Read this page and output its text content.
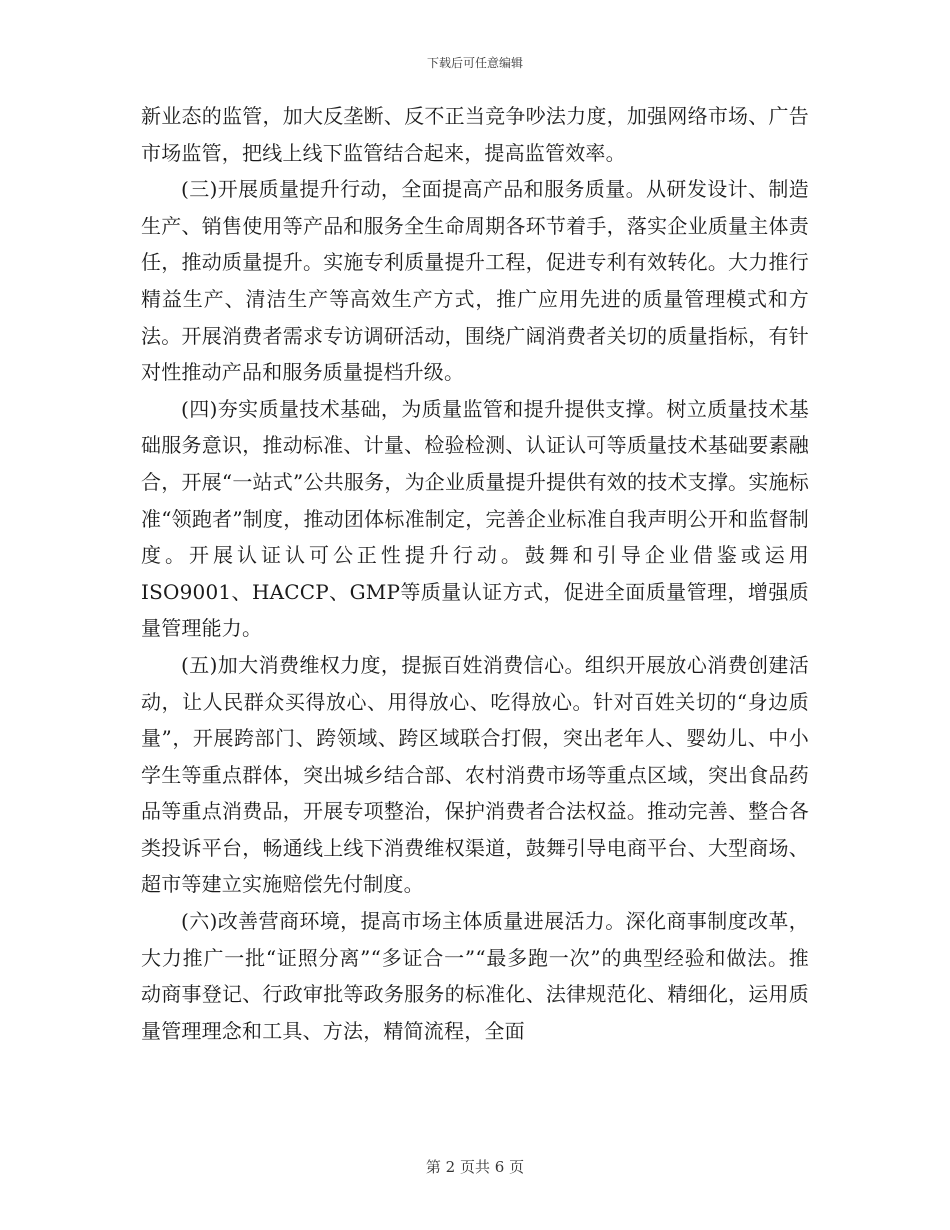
下载后可任意编辑

新业态的监管，加大反垄断、反不正当竞争吵法力度，加强网络市场、广告市场监管，把线上线下监管结合起来，提高监管效率。

(三)开展质量提升行动，全面提高产品和服务质量。从研发设计、制造生产、销售使用等产品和服务全生命周期各环节着手，落实企业质量主体责任，推动质量提升。实施专利质量提升工程，促进专利有效转化。大力推行精益生产、清洁生产等高效生产方式，推广应用先进的质量管理模式和方法。开展消费者需求专访调研活动，围绕广阔消费者关切的质量指标，有针对性推动产品和服务质量提档升级。

(四)夯实质量技术基础，为质量监管和提升提供支撑。树立质量技术基础服务意识，推动标准、计量、检验检测、认证认可等质量技术基础要素融合，开展“一站式”公共服务，为企业质量提升提供有效的技术支撑。实施标准“领跑者”制度，推动团体标准制定，完善企业标准自我声明公开和监督制度。开展认证认可公正性提升行动。鼓舞和引导企业借鉴或运用ISO9001、HACCP、GMP等质量认证方式，促进全面质量管理，增强质量管理能力。

(五)加大消费维权力度，提振百姓消费信心。组织开展放心消费创建活动，让人民群众买得放心、用得放心、吃得放心。针对百姓关切的“身边质量”，开展跨部门、跨领域、跨区域联合打假，突出老年人、婴幼儿、中小学生等重点群体，突出城乡结合部、农村消费市场等重点区域，突出食品药品等重点消费品，开展专项整治，保护消费者合法权益。推动完善、整合各类投诉平台，畅通线上线下消费维权渠道，鼓舞引导电商平台、大型商场、超市等建立实施赔偿先付制度。

(六)改善营商环境，提高市场主体质量进展活力。深化商事制度改革，大力推广一批“证照分离”“多证合一”“最多跑一次”的典型经验和做法。推动商事登记、行政审批等政务服务的标准化、法律规范化、精细化，运用质量管理理念和工具、方法，精简流程，全面

第 2 页共 6 页
